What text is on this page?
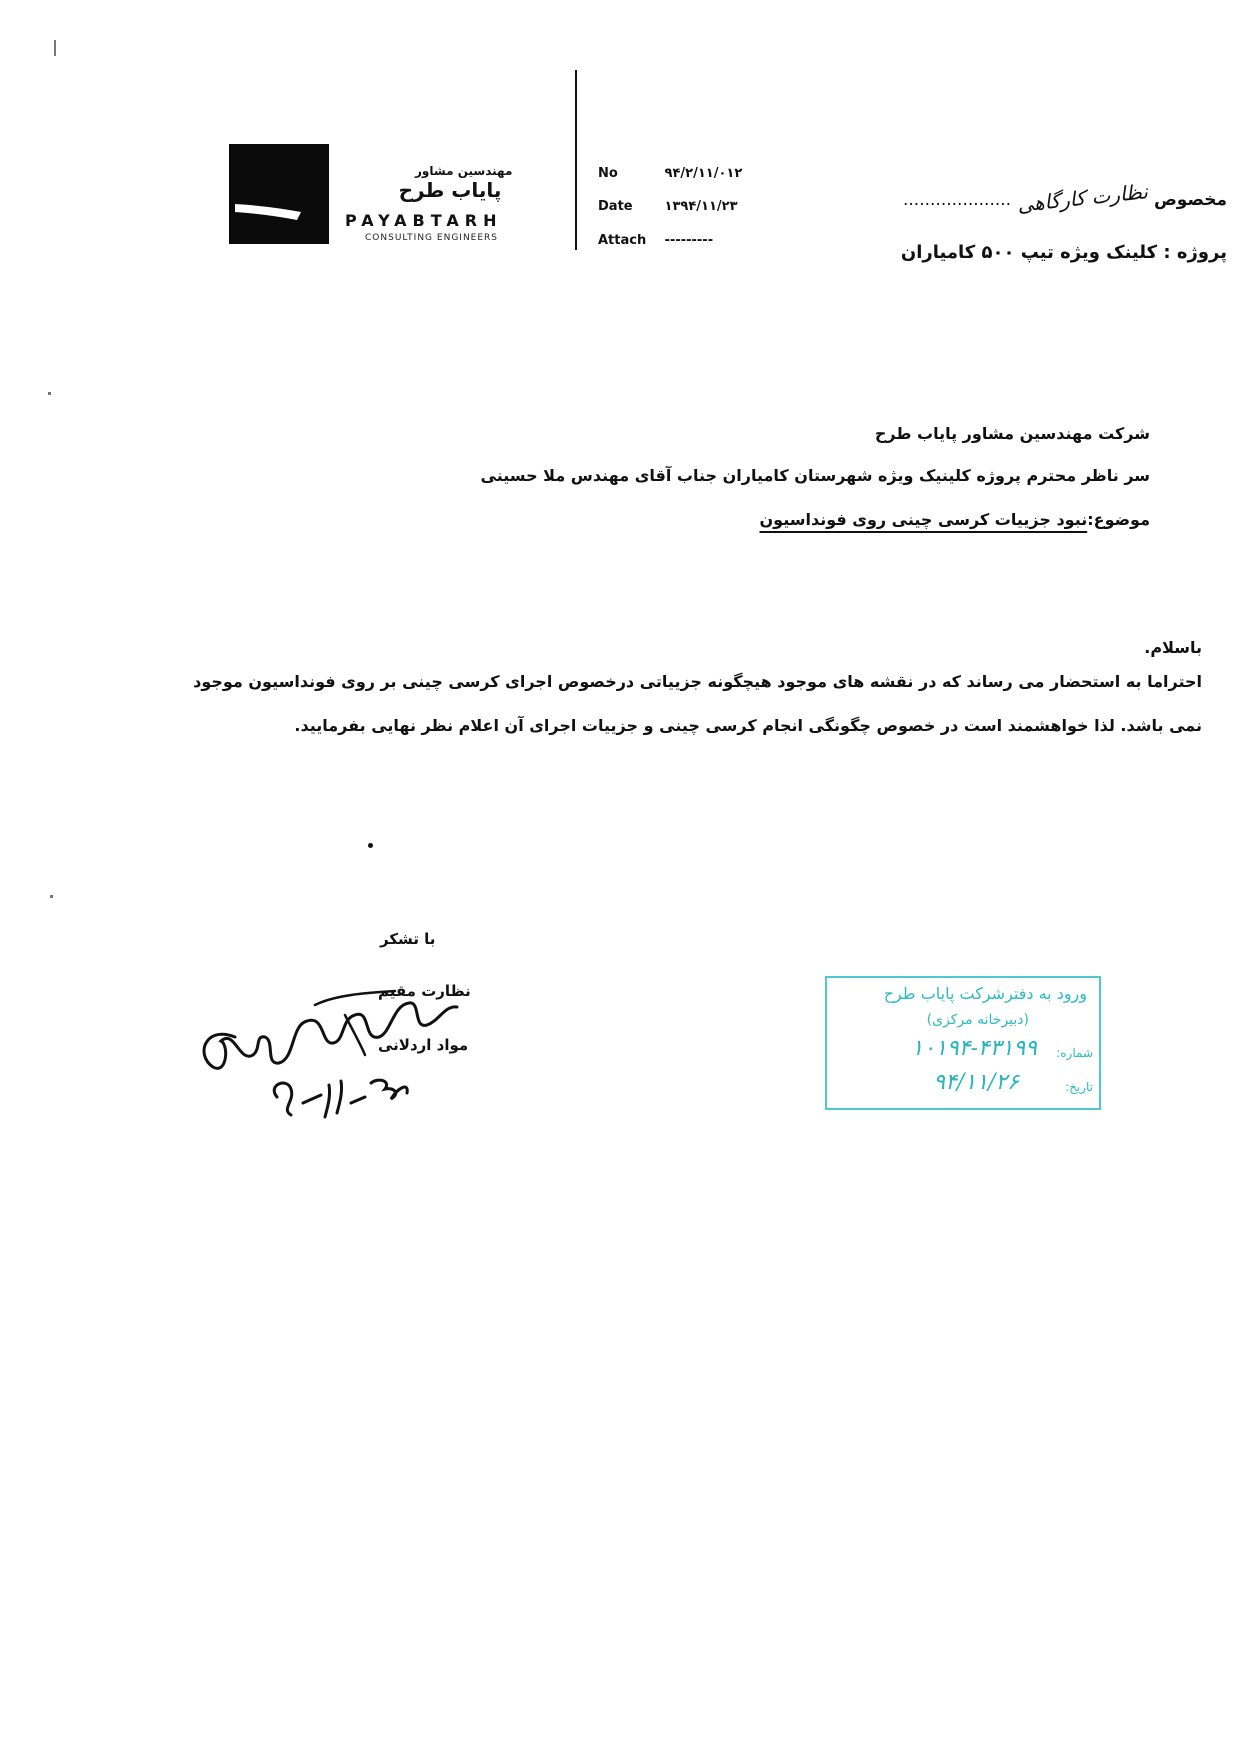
مهندسین مشاور
پایاب طرح
PAYABTARH
CONSULTING ENGINEERS
No	۹۴/۲/۱۱/۰۱۲
Date ۱۳۹۴/۱۱/۲۳
Attach ---------
مخصوص نظارت کارگاهی ....................
پروژه : کلینک ویژه تیپ ۵۰۰ کامیاران
شرکت مهندسین مشاور پایاب طرح
سر ناظر محترم پروژه کلینیک ویژه شهرستان کامیاران جناب آقای مهندس ملا حسینی
موضوع:نبود جزییات کرسی چینی روی فونداسیون
باسلام.
احتراما به استحضار می رساند که در نقشه های موجود هیچگونه جزییاتی درخصوص اجرای کرسی چینی بر روی فونداسیون موجود نمی باشد. لذا خواهشمند است در خصوص چگونگی انجام کرسی چینی و جزییات اجرای آن اعلام نظر نهایی بفرمایید.
با تشکر
نظارت مقیم
مواد اردلانی
ورود به دفترشرکت پایاب طرح
(دبیرخانه مرکزی)
شماره:
۱۰۱۹۴-۴۳۱۹۹
تاریخ:
۹۴/۱۱/۲۶
